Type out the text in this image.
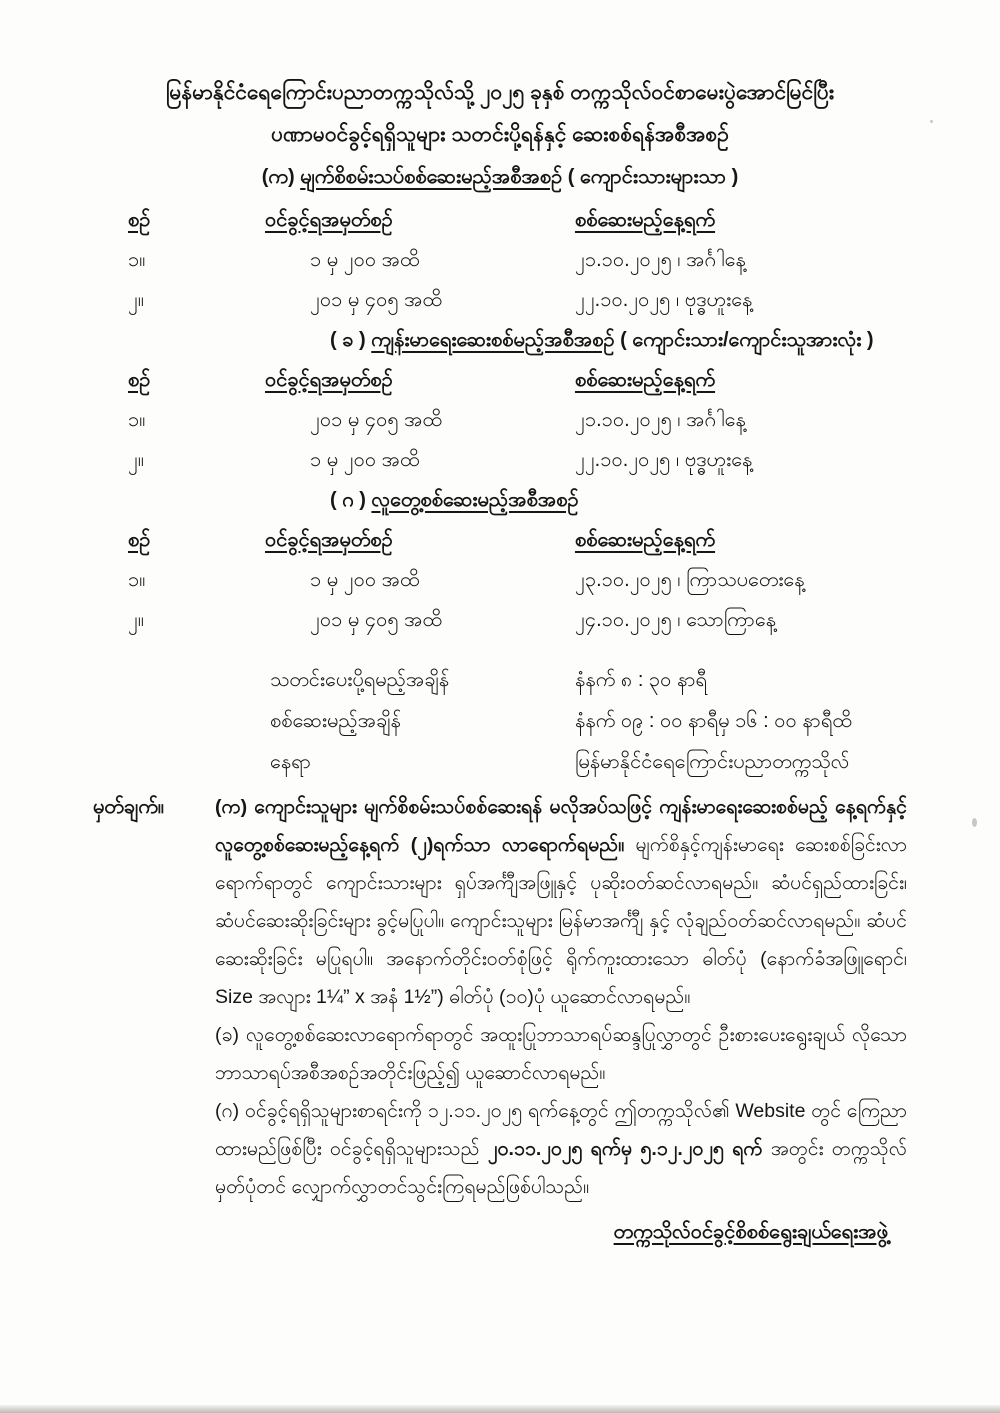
မြန်မာနိုင်ငံရေကြောင်းပညာတက္ကသိုလ်သို့ ၂၀၂၅ ခုနှစ် တက္ကသိုလ်ဝင်စာမေးပွဲအောင်မြင်ပြီး
ပဏာမဝင်ခွင့်ရရှိသူများ သတင်းပို့ရန်နှင့် ဆေးစစ်ရန်အစီအစဉ်
(က) မျက်စိစမ်းသပ်စစ်ဆေးမည့်အစီအစဉ် ( ကျောင်းသားများသာ )
စဉ်	ဝင်ခွင့်ရအမှတ်စဉ်	စစ်ဆေးမည့်နေ့ရက်
၁။	၁ မှ ၂၀၀ အထိ	၂၁.၁၀.၂၀၂၅ ၊ အင်္ဂါနေ့
၂။	၂၀၁ မှ ၄၀၅ အထိ	၂၂.၁၀.၂၀၂၅ ၊ ဗုဒ္ဓဟူးနေ့
( ခ ) ကျန်းမာရေးဆေးစစ်မည့်အစီအစဉ် ( ကျောင်းသား/ကျောင်းသူအားလုံး )
စဉ်	ဝင်ခွင့်ရအမှတ်စဉ်	စစ်ဆေးမည့်နေ့ရက်
၁။	၂၀၁ မှ ၄၀၅ အထိ	၂၁.၁၀.၂၀၂၅ ၊ အင်္ဂါနေ့
၂။	၁ မှ ၂၀၀ အထိ	၂၂.၁၀.၂၀၂၅ ၊ ဗုဒ္ဓဟူးနေ့
( ဂ ) လူတွေ့စစ်ဆေးမည့်အစီအစဉ်
စဉ်	ဝင်ခွင့်ရအမှတ်စဉ်	စစ်ဆေးမည့်နေ့ရက်
၁။	၁ မှ ၂၀၀ အထိ	၂၃.၁၀.၂၀၂၅ ၊ ကြာသပတေးနေ့
၂။	၂၀၁ မှ ၄၀၅ အထိ	၂၄.၁၀.၂၀၂၅ ၊ သောကြာနေ့
သတင်းပေးပို့ရမည့်အချိန်	နံနက် ၈ : ၃၀ နာရီ
စစ်ဆေးမည့်အချိန်	နံနက် ၀၉ : ၀၀ နာရီမှ ၁၆ : ၀၀ နာရီထိ
နေရာ	မြန်မာနိုင်ငံရေကြောင်းပညာတက္ကသိုလ်
မှတ်ချက်။	(က) ကျောင်းသူများ မျက်စိစမ်းသပ်စစ်ဆေးရန် မလိုအပ်သဖြင့် ကျန်းမာရေးဆေးစစ်မည့် နေ့ရက်နှင့် လူတွေ့စစ်ဆေးမည့်နေ့ရက် (၂)ရက်သာ လာရောက်ရမည်။ မျက်စိနှင့်ကျန်းမာရေး ဆေးစစ်ခြင်းလာရောက်ရာတွင် ကျောင်းသားများ ရှပ်အင်္ကျီအဖြူနှင့် ပုဆိုးဝတ်ဆင်လာရမည်။ ဆံပင်ရှည်ထားခြင်း၊ ဆံပင်ဆေးဆိုးခြင်းများ ခွင့်မပြုပါ။ ကျောင်းသူများ မြန်မာအင်္ကျီ နှင့် လုံချည်ဝတ်ဆင်လာရမည်။ ဆံပင်ဆေးဆိုးခြင်း မပြုရပါ။ အနောက်တိုင်းဝတ်စုံဖြင့် ရိုက်ကူးထားသော ဓါတ်ပုံ (နောက်ခံအဖြူရောင်၊ Size အလျား 1¼” x အနံ 1½”) ဓါတ်ပုံ (၁၀)ပုံ ယူဆောင်လာရမည်။
(ခ) လူတွေ့စစ်ဆေးလာရောက်ရာတွင် အထူးပြုဘာသာရပ်ဆန္ဒပြုလွှာတွင် ဦးစားပေးရွေးချယ် လိုသောဘာသာရပ်အစီအစဉ်အတိုင်းဖြည့်၍ ယူဆောင်လာရမည်။
(ဂ) ဝင်ခွင့်ရရှိသူများစာရင်းကို ၁၂.၁၁.၂၀၂၅ ရက်နေ့တွင် ဤတက္ကသိုလ်၏ Website တွင် ကြေညာထားမည်ဖြစ်ပြီး ဝင်ခွင့်ရရှိသူများသည် ၂၀.၁၁.၂၀၂၅ ရက်မှ ၅.၁၂.၂၀၂၅ ရက် အတွင်း တက္ကသိုလ်မှတ်ပုံတင် လျှောက်လွှာတင်သွင်းကြရမည်ဖြစ်ပါသည်။
တက္ကသိုလ်ဝင်ခွင့်စိစစ်ရွေးချယ်ရေးအဖွဲ့
